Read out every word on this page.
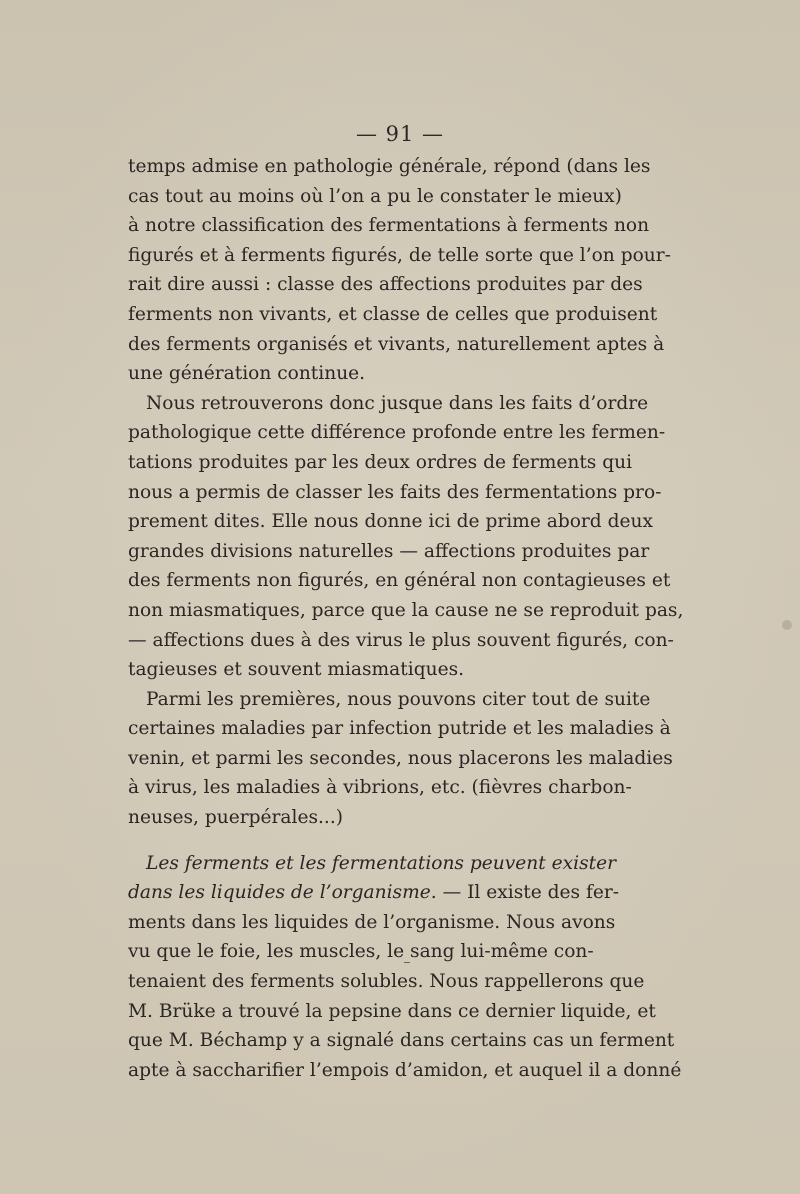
— 91 —
temps admise en pathologie générale, répond (dans les
cas tout au moins où l’on a pu le constater le mieux)
à notre classification des fermentations à ferments non
figurés et à ferments figurés, de telle sorte que l’on pour-
rait dire aussi : classe des affections produites par des
ferments non vivants, et classe de celles que produisent
des ferments organisés et vivants, naturellement aptes à
une génération continue.
Nous retrouverons donc jusque dans les faits d’ordre
pathologique cette différence profonde entre les fermen-
tations produites par les deux ordres de ferments qui
nous a permis de classer les faits des fermentations pro-
prement dites. Elle nous donne ici de prime abord deux
grandes divisions naturelles — affections produites par
des ferments non figurés, en général non contagieuses et
non miasmatiques, parce que la cause ne se reproduit pas,
— affections dues à des virus le plus souvent figurés, con-
tagieuses et souvent miasmatiques.
Parmi les premières, nous pouvons citer tout de suite
certaines maladies par infection putride et les maladies à
venin, et parmi les secondes, nous placerons les maladies
à virus, les maladies à vibrions, etc. (fièvres charbon-
neuses, puerpérales...)
Les ferments et les fermentations peuvent exister
dans les liquides de l’organisme. — Il existe des fer-
ments dans les liquides de l’organisme. Nous avons
vu que le foie, les muscles, le sang lui-même con-
tenaient des ferments solubles. Nous rappellerons que
M. Brüke a trouvé la pepsine dans ce dernier liquide, et
que M. Béchamp y a signalé dans certains cas un ferment
apte à saccharifier l’empois d’amidon, et auquel il a donné
